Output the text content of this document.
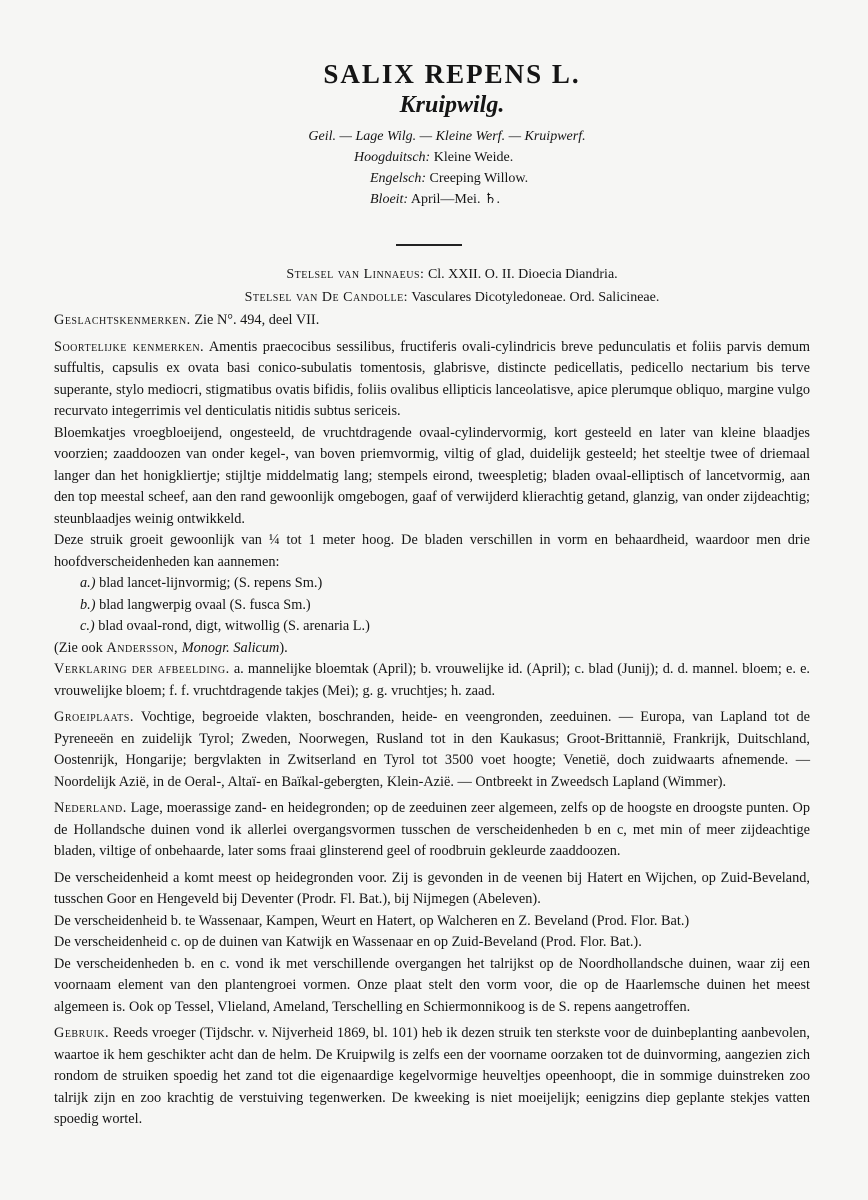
SALIX REPENS L.
Kruipwilg.
Geil. — Lage Wilg. — Kleine Werf. — Kruipwerf.
Hoogduitsch: Kleine Weide.
Engelsch: Creeping Willow.
Bloeit: April—Mei. ♄.
Stelsel van Linnaeus: Cl. XXII. O. II. Dioecia Diandria.
Stelsel van De Candolle: Vasculares Dicotyledoneae. Ord. Salicineae.

Geslachtskenmerken. Zie N°. 494, deel VII.

Soortelijke kenmerken. Amentis praecocibus sessilibus, fructiferis ovali-cylindricis breve pedunculatis et foliis parvis demum suffultis, capsulis ex ovata basi conico-subulatis tomentosis, glabrisve, distincte pedicellatis, pedicello nectarium bis terve superante, stylo mediocri, stigmatibus ovatis bifidis, foliis ovalibus ellipticis lanceolatisve, apice plerumque obliquo, margine vulgo recurvato integerrimis vel denticulatis nitidis subtus sericeis.

Bloemkatjes vroegbloeijend, ongesteeld, de vruchtdragende ovaal-cylindervormig, kort gesteeld en later van kleine blaadjes voorzien; zaaddoozen van onder kegel-, van boven priemvormig, viltig of glad, duidelijk gesteeld; het steeltje twee of driemaal langer dan het honigkliertje; stijltje middelmatig lang; stempels eirond, tweespletig; bladen ovaal-elliptisch of lancetvormig, aan den top meestal scheef, aan den rand gewoonlijk omgebogen, gaaf of verwijderd klierachtig getand, glanzig, van onder zijdeachtig; steunblaadjes weinig ontwikkeld.

Deze struik groeit gewoonlijk van ¼ tot 1 meter hoog. De bladen verschillen in vorm en behaardheid, waardoor men drie hoofdverscheidenheden kan aannemen:

a.) blad lancet-lijnvormig; (S. repens Sm.)
b.) blad langwerpig ovaal (S. fusca Sm.)
c.) blad ovaal-rond, digt, witwollig (S. arenaria L.)

(Zie ook Andersson, Monogr. Salicum).

Verklaring der afbeelding. a. mannelijke bloemtak (April); b. vrouwelijke id. (April); c. blad (Junij); d. d. mannel. bloem; e. e. vrouwelijke bloem; f. f. vruchtdragende takjes (Mei); g. g. vruchtjes; h. zaad.

Groeiplaats. Vochtige, begroeide vlakten, boschranden, heide- en veengronden, zeeduinen. — Europa, van Lapland tot de Pyreneeën en zuidelijk Tyrol; Zweden, Noorwegen, Rusland tot in den Kaukasus; Groot-Brittannië, Frankrijk, Duitschland, Oostenrijk, Hongarije; bergvlakten in Zwitserland en Tyrol tot 3500 voet hoogte; Venetië, doch zuidwaarts afnemende. — Noordelijk Azië, in de Oeral-, Altaï- en Baïkal-gebergten, Klein-Azië. — Ontbreekt in Zweedsch Lapland (Wimmer).

Nederland. Lage, moerassige zand- en heidegronden; op de zeeduinen zeer algemeen, zelfs op de hoogste en droogste punten. Op de Hollandsche duinen vond ik allerlei overgangsvormen tusschen de verscheidenheden b en c, met min of meer zijdeachtige bladen, viltige of onbehaarde, later soms fraai glinsterend geel of roodbruin gekleurde zaaddoozen.

De verscheidenheid a komt meest op heidegronden voor. Zij is gevonden in de veenen bij Hatert en Wijchen, op Zuid-Beveland, tusschen Goor en Hengeveld bij Deventer (Prodr. Fl. Bat.), bij Nijmegen (Abeleven).

De verscheidenheid b. te Wassenaar, Kampen, Weurt en Hatert, op Walcheren en Z. Beveland (Prod. Flor. Bat.)

De verscheidenheid c. op de duinen van Katwijk en Wassenaar en op Zuid-Beveland (Prod. Flor. Bat.).

De verscheidenheden b. en c. vond ik met verschillende overgangen het talrijkst op de Noordhollandsche duinen, waar zij een voornaam element van den plantengroei vormen. Onze plaat stelt den vorm voor, die op de Haarlemsche duinen het meest algemeen is. Ook op Tessel, Vlieland, Ameland, Terschelling en Schiermonnikoog is de S. repens aangetroffen.

Gebruik. Reeds vroeger (Tijdschr. v. Nijverheid 1869, bl. 101) heb ik dezen struik ten sterkste voor de duinbeplanting aanbevolen, waartoe ik hem geschikter acht dan de helm. De Kruipwilg is zelfs een der voorname oorzaken tot de duinvorming, aangezien zich rondom de struiken spoedig het zand tot die eigenaardige kegelvormige heuveltjes opeenhoopt, die in sommige duinstreken zoo talrijk zijn en zoo krachtig de verstuiving tegenwerken. De kweeking is niet moeijelijk; eenigzins diep geplante stekjes vatten spoedig wortel.
